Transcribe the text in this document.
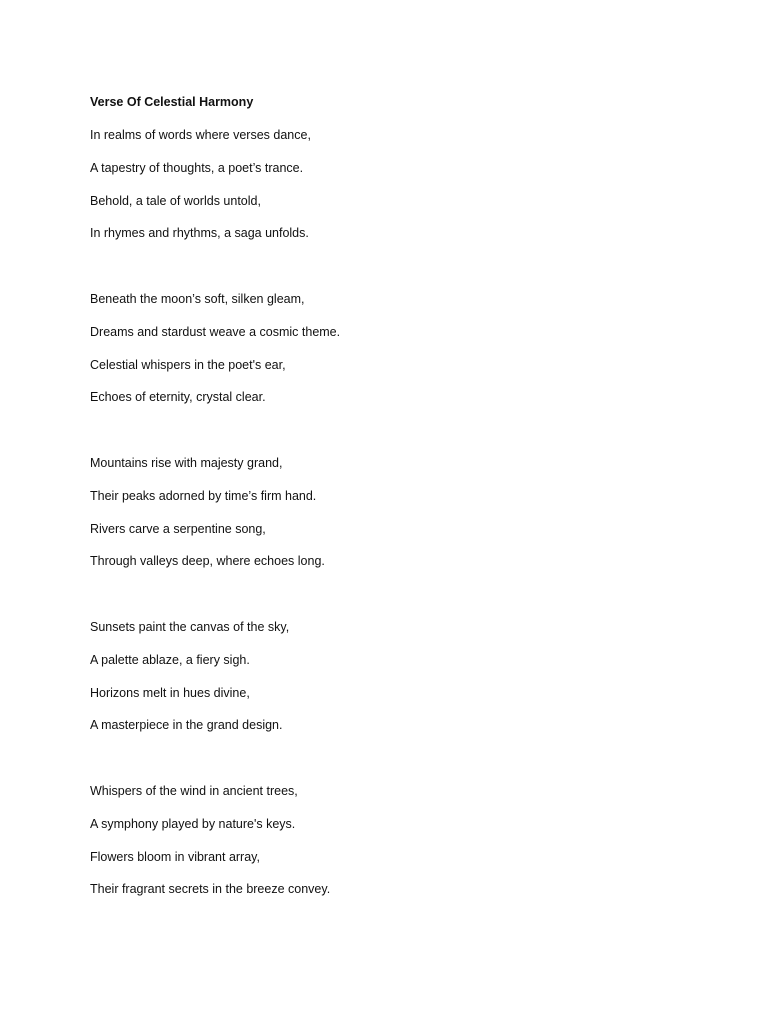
Verse Of Celestial Harmony

In realms of words where verses dance,

A tapestry of thoughts, a poet’s trance.

Behold, a tale of worlds untold,

In rhymes and rhythms, a saga unfolds.

Beneath the moon’s soft, silken gleam,

Dreams and stardust weave a cosmic theme.

Celestial whispers in the poet's ear,

Echoes of eternity, crystal clear.

Mountains rise with majesty grand,

Their peaks adorned by time’s firm hand.

Rivers carve a serpentine song,

Through valleys deep, where echoes long.

Sunsets paint the canvas of the sky,

A palette ablaze, a fiery sigh.

Horizons melt in hues divine,

A masterpiece in the grand design.

Whispers of the wind in ancient trees,

A symphony played by nature's keys.

Flowers bloom in vibrant array,

Their fragrant secrets in the breeze convey.
